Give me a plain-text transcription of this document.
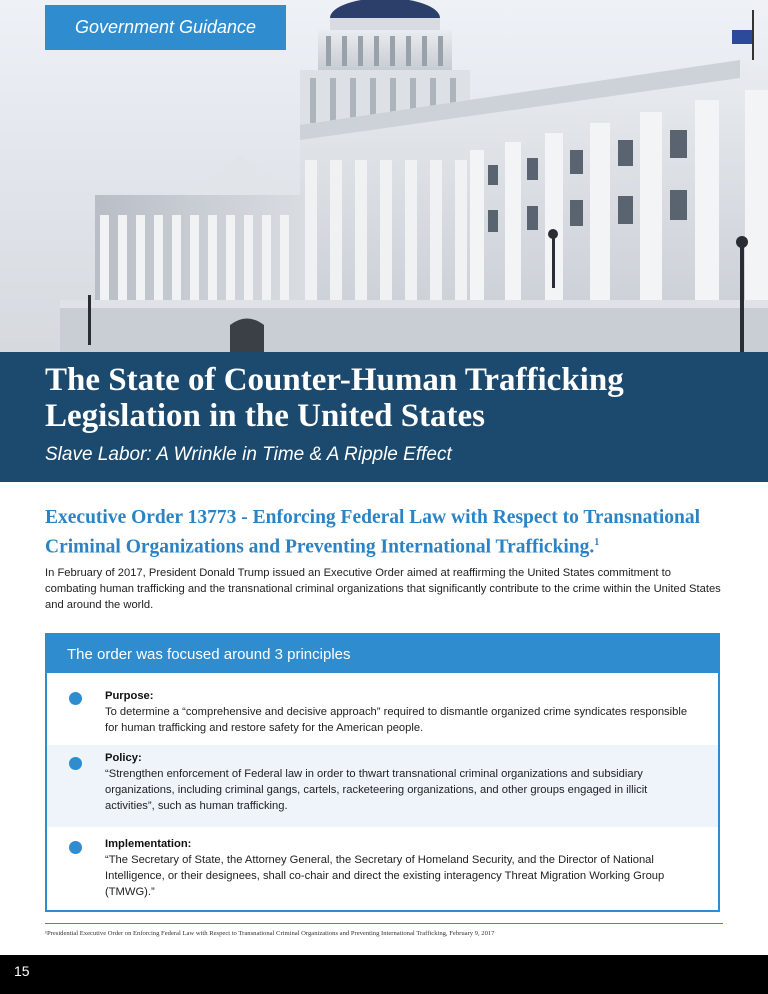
Government Guidance
The State of Counter-Human Trafficking
Legislation in the United States
Slave Labor: A Wrinkle in Time & A Ripple Effect
Executive Order 13773 - Enforcing Federal Law with Respect to Transnational Criminal Organizations and Preventing International Trafficking.$^1$

In February of 2017, President Donald Trump issued an Executive Order aimed at reaffirming the United States commitment to combating human trafficking and the transnational criminal organizations that significantly contribute to the crime within the United States and around the world.

The order was focused around 3 principles
Purpose:
To determine a “comprehensive and decisive approach” required to dismantle organized crime syndicates responsible for human trafficking and restore safety for the American people.
Policy:
“Strengthen enforcement of Federal law in order to thwart transnational criminal organizations and subsidiary organizations, including criminal gangs, cartels, racketeering organizations, and other groups engaged in illicit activities”, such as human trafficking.
Implementation:
“The Secretary of State, the Attorney General, the Secretary of Homeland Security, and the Director of National Intelligence, or their designees, shall co-chair and direct the existing interagency Threat Migration Working Group (TMWG).”
¹Presidential Executive Order on Enforcing Federal Law with Respect to Transnational Criminal Organizations and Preventing International Trafficking, February 9, 2017
15
